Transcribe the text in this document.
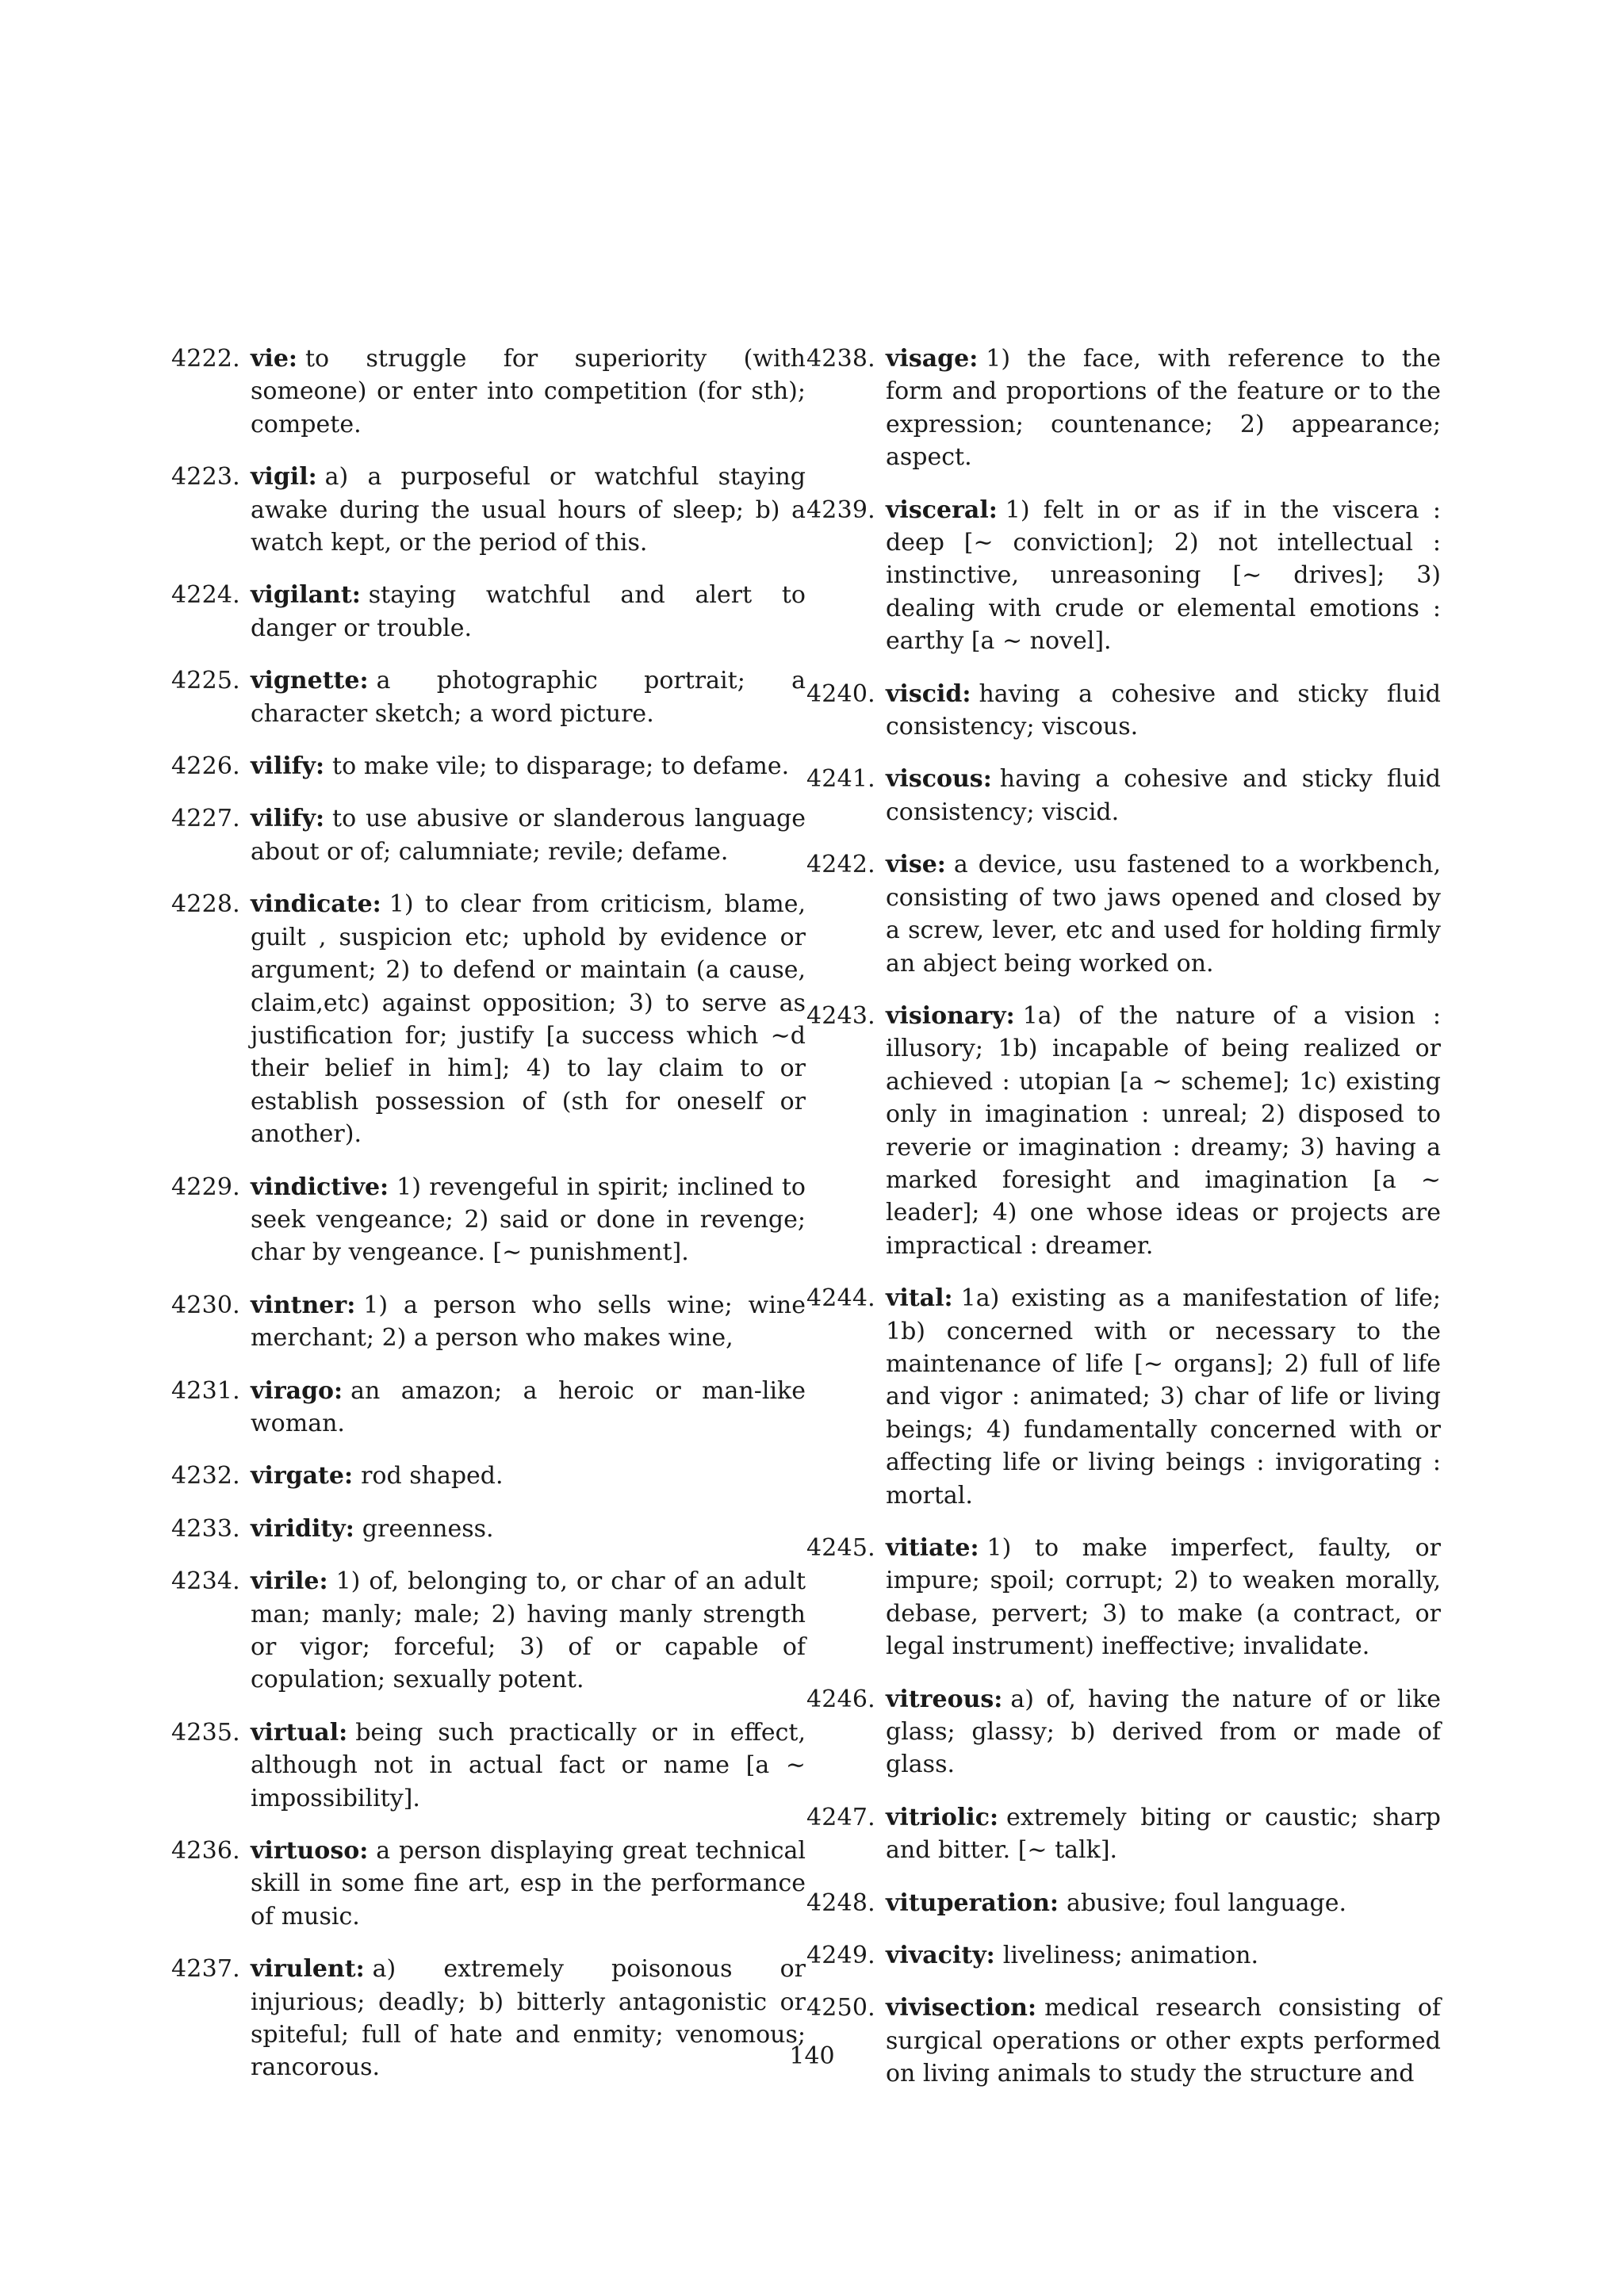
4222. vie: to struggle for superiority (with someone) or enter into competition (for sth); compete.
4223. vigil: a) a purposeful or watchful staying awake during the usual hours of sleep; b) a watch kept, or the period of this.
4224. vigilant: staying watchful and alert to danger or trouble.
4225. vignette: a photographic portrait; a character sketch; a word picture.
4226. vilify: to make vile; to disparage; to defame.
4227. vilify: to use abusive or slanderous language about or of; calumniate; revile; defame.
4228. vindicate: 1) to clear from criticism, blame, guilt , suspicion etc; uphold by evidence or argument; 2) to defend or maintain (a cause, claim,etc) against opposition; 3) to serve as justification for; justify [a success which ∼d their belief in him]; 4) to lay claim to or establish possession of (sth for oneself or another).
4229. vindictive: 1) revengeful in spirit; inclined to seek vengeance; 2) said or done in revenge; char by vengeance. [∼ punishment].
4230. vintner: 1) a person who sells wine; wine merchant; 2) a person who makes wine,
4231. virago: an amazon; a heroic or man-like woman.
4232. virgate: rod shaped.
4233. viridity: greenness.
4234. virile: 1) of, belonging to, or char of an adult man; manly; male; 2) having manly strength or vigor; forceful; 3) of or capable of copulation; sexually potent.
4235. virtual: being such practically or in effect, although not in actual fact or name [a ∼ impossibility].
4236. virtuoso: a person displaying great technical skill in some fine art, esp in the performance of music.
4237. virulent: a) extremely poisonous or injurious; deadly; b) bitterly antagonistic or spiteful; full of hate and enmity; venomous; rancorous.
4238. visage: 1) the face, with reference to the form and proportions of the feature or to the expression; countenance; 2) appearance; aspect.
4239. visceral: 1) felt in or as if in the viscera : deep [∼ conviction]; 2) not intellectual : instinctive, unreasoning [∼ drives]; 3) dealing with crude or elemental emotions : earthy [a ∼ novel].
4240. viscid: having a cohesive and sticky fluid consistency; viscous.
4241. viscous: having a cohesive and sticky fluid consistency; viscid.
4242. vise: a device, usu fastened to a workbench, consisting of two jaws opened and closed by a screw, lever, etc and used for holding firmly an abject being worked on.
4243. visionary: 1a) of the nature of a vision : illusory; 1b) incapable of being realized or achieved : utopian [a ∼ scheme]; 1c) existing only in imagination : unreal; 2) disposed to reverie or imagination : dreamy; 3) having a marked foresight and imagination [a ∼ leader]; 4) one whose ideas or projects are impractical : dreamer.
4244. vital: 1a) existing as a manifestation of life; 1b) concerned with or necessary to the maintenance of life [∼ organs]; 2) full of life and vigor : animated; 3) char of life or living beings; 4) fundamentally concerned with or affecting life or living beings : invigorating : mortal.
4245. vitiate: 1) to make imperfect, faulty, or impure; spoil; corrupt; 2) to weaken morally, debase, pervert; 3) to make (a contract, or legal instrument) ineffective; invalidate.
4246. vitreous: a) of, having the nature of or like glass; glassy; b) derived from or made of glass.
4247. vitriolic: extremely biting or caustic; sharp and bitter. [∼ talk].
4248. vituperation: abusive; foul language.
4249. vivacity: liveliness; animation.
4250. vivisection: medical research consisting of surgical operations or other expts performed on living animals to study the structure and
140
